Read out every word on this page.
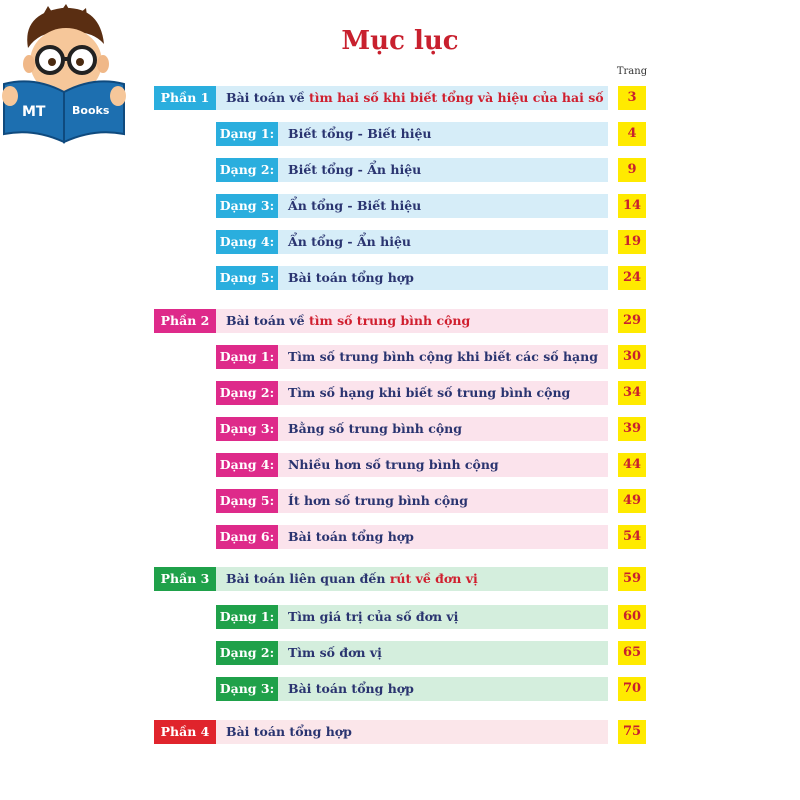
MT Books
Mục lục
Trang
Phần 1	Bài toán về tìm hai số khi biết tổng và hiệu của hai số	3
Dạng 1:	Biết tổng - Biết hiệu	4
Dạng 2:	Biết tổng - Ẩn hiệu	9
Dạng 3:	Ẩn tổng - Biết hiệu	14
Dạng 4:	Ẩn tổng - Ẩn hiệu	19
Dạng 5:	Bài toán tổng hợp	24
Phần 2	Bài toán về tìm số trung bình cộng	29
Dạng 1:	Tìm số trung bình cộng khi biết các số hạng	30
Dạng 2:	Tìm số hạng khi biết số trung bình cộng	34
Dạng 3:	Bằng số trung bình cộng	39
Dạng 4:	Nhiều hơn số trung bình cộng	44
Dạng 5:	Ít hơn số trung bình cộng	49
Dạng 6:	Bài toán tổng hợp	54
Phần 3	Bài toán liên quan đến rút về đơn vị	59
Dạng 1:	Tìm giá trị của số đơn vị	60
Dạng 2:	Tìm số đơn vị	65
Dạng 3:	Bài toán tổng hợp	70
Phần 4	Bài toán tổng hợp	75
